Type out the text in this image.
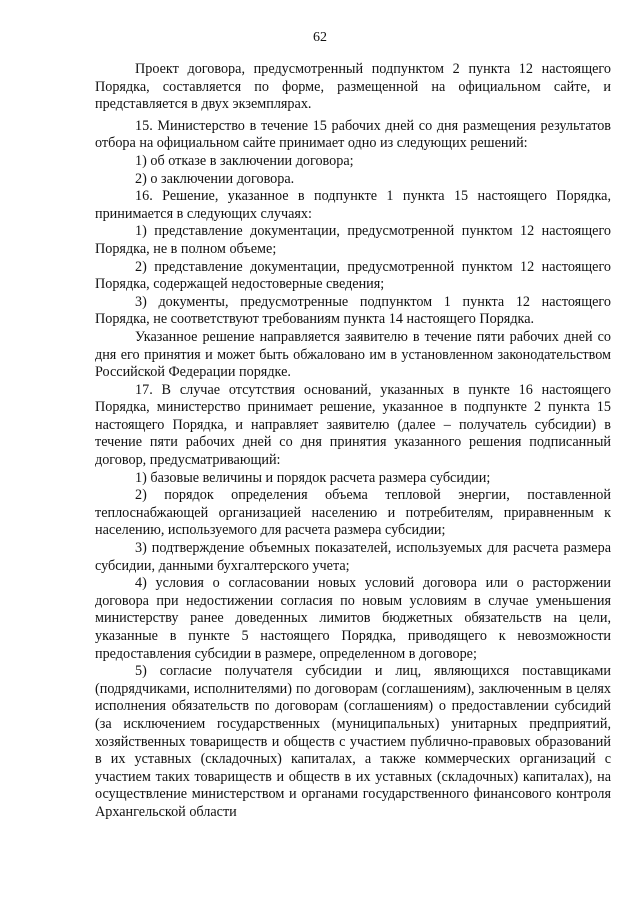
62

Проект договора, предусмотренный подпунктом 2 пункта 12 настоящего Порядка, составляется по форме, размещенной на официальном сайте, и представляется в двух экземплярах.

15. Министерство в течение 15 рабочих дней со дня размещения результатов отбора на официальном сайте принимает одно из следующих решений:

1) об отказе в заключении договора;

2) о заключении договора.

16. Решение, указанное в подпункте 1 пункта 15 настоящего Порядка, принимается в следующих случаях:

1) представление документации, предусмотренной пунктом 12 настоящего Порядка, не в полном объеме;

2) представление документации, предусмотренной пунктом 12 настоящего Порядка, содержащей недостоверные сведения;

3) документы, предусмотренные подпунктом 1 пункта 12 настоящего Порядка, не соответствуют требованиям пункта 14 настоящего Порядка.

Указанное решение направляется заявителю в течение пяти рабочих дней со дня его принятия и может быть обжаловано им в установленном законодательством Российской Федерации порядке.

17. В случае отсутствия оснований, указанных в пункте 16 настоящего Порядка, министерство принимает решение, указанное в подпункте 2 пункта 15 настоящего Порядка, и направляет заявителю (далее – получатель субсидии) в течение пяти рабочих дней со дня принятия указанного решения подписанный договор, предусматривающий:

1) базовые величины и порядок расчета размера субсидии;

2) порядок определения объема тепловой энергии, поставленной теплоснабжающей организацией населению и потребителям, приравненным к населению, используемого для расчета размера субсидии;

3) подтверждение объемных показателей, используемых для расчета размера субсидии, данными бухгалтерского учета;

4) условия о согласовании новых условий договора или о расторжении договора при недостижении согласия по новым условиям в случае уменьшения министерству ранее доведенных лимитов бюджетных обязательств на цели, указанные в пункте 5 настоящего Порядка, приводящего к невозможности предоставления субсидии в размере, определенном в договоре;

5) согласие получателя субсидии и лиц, являющихся поставщиками (подрядчиками, исполнителями) по договорам (соглашениям), заключенным в целях исполнения обязательств по договорам (соглашениям) о предоставлении субсидий (за исключением государственных (муниципальных) унитарных предприятий, хозяйственных товариществ и обществ с участием публично-правовых образований в их уставных (складочных) капиталах, а также коммерческих организаций с участием таких товариществ и обществ в их уставных (складочных) капиталах), на осуществление министерством и органами государственного финансового контроля Архангельской области
